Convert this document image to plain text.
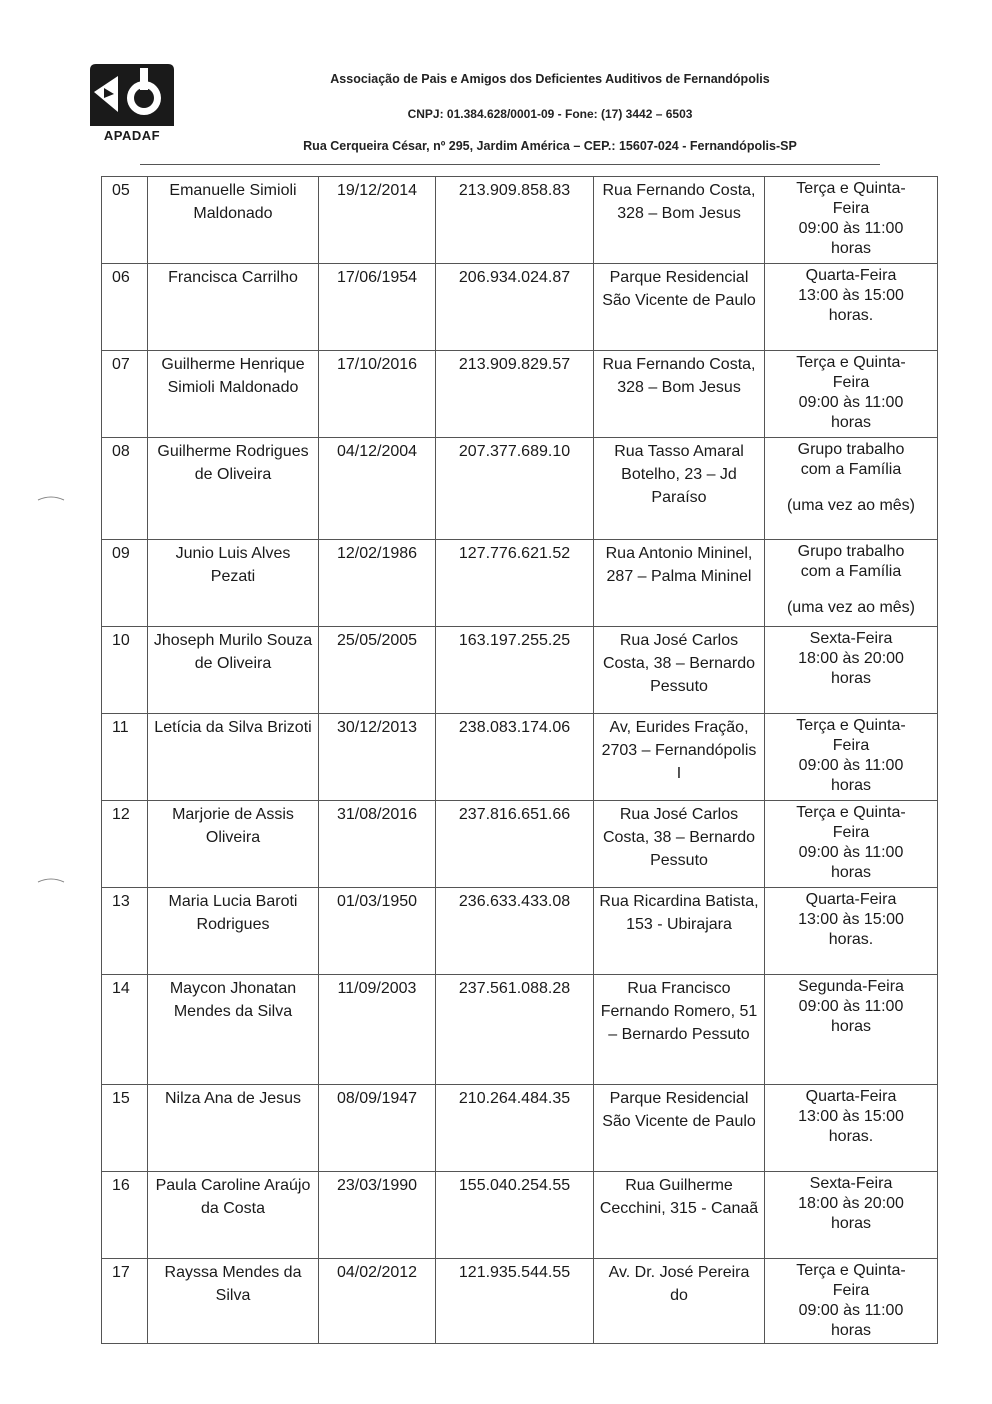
APADAF
Associação de Pais e Amigos dos Deficientes Auditivos de Fernandópolis
CNPJ: 01.384.628/0001-09 - Fone: (17) 3442 – 6503
Rua Cerqueira César, nº 295, Jardim América – CEP.: 15607-024 - Fernandópolis-SP
05	Emanuelle Simioli Maldonado	19/12/2014	213.909.858.83	Rua Fernando Costa, 328 – Bom Jesus	Terça e Quinta-
Feira
09:00 às 11:00
horas

06	Francisca Carrilho	17/06/1954	206.934.024.87	Parque Residencial São Vicente de Paulo	Quarta-Feira
13:00 às 15:00
horas.

07	Guilherme Henrique Simioli Maldonado	17/10/2016	213.909.829.57	Rua Fernando Costa, 328 – Bom Jesus	Terça e Quinta-
Feira
09:00 às 11:00
horas

08	Guilherme Rodrigues de Oliveira	04/12/2004	207.377.689.10	Rua Tasso Amaral Botelho, 23 – Jd Paraíso	Grupo trabalho
com a Família
(uma vez ao mês)

09	Junio Luis Alves Pezati	12/02/1986	127.776.621.52	Rua Antonio Mininel, 287 – Palma Mininel	Grupo trabalho
com a Família
(uma vez ao mês)

10	Jhoseph Murilo Souza de Oliveira	25/05/2005	163.197.255.25	Rua José Carlos Costa, 38 – Bernardo Pessuto	Sexta-Feira
18:00 às 20:00
horas

11	Letícia da Silva Brizoti	30/12/2013	238.083.174.06	Av, Eurides Fração, 2703 – Fernandópolis I	Terça e Quinta-
Feira
09:00 às 11:00
horas

12	Marjorie de Assis Oliveira	31/08/2016	237.816.651.66	Rua José Carlos Costa, 38 – Bernardo Pessuto	Terça e Quinta-
Feira
09:00 às 11:00
horas

13	Maria Lucia Baroti Rodrigues	01/03/1950	236.633.433.08	Rua Ricardina Batista, 153 - Ubirajara	Quarta-Feira
13:00 às 15:00
horas.

14	Maycon Jhonatan Mendes da Silva	11/09/2003	237.561.088.28	Rua Francisco Fernando Romero, 51 – Bernardo Pessuto	Segunda-Feira
09:00 às 11:00
horas

15	Nilza Ana de Jesus	08/09/1947	210.264.484.35	Parque Residencial São Vicente de Paulo	Quarta-Feira
13:00 às 15:00
horas.

16	Paula Caroline Araújo da Costa	23/03/1990	155.040.254.55	Rua Guilherme Cecchini, 315 - Canaã	Sexta-Feira
18:00 às 20:00
horas

17	Rayssa Mendes da Silva	04/02/2012	121.935.544.55	Av. Dr. José Pereira do	Terça e Quinta-
Feira
09:00 às 11:00
horas
